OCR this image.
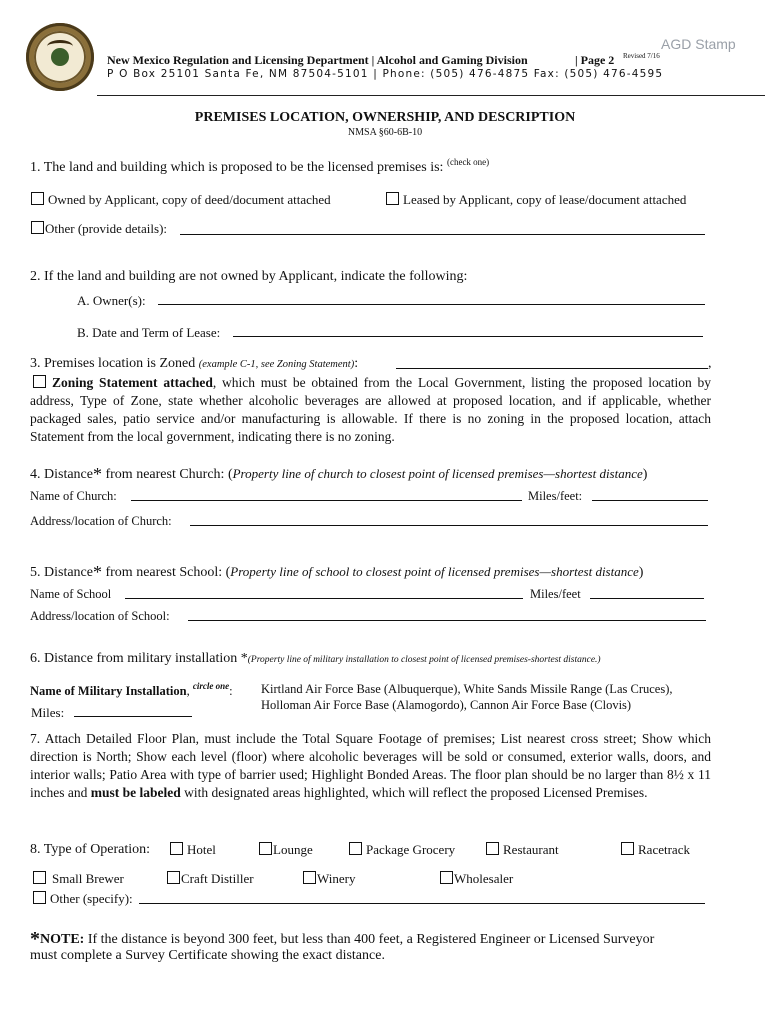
New Mexico Regulation and Licensing Department | Alcohol and Gaming Division	| Page 2 Revised 7/16
P O Box 25101 Santa Fe, NM 87504-5101 | Phone: (505) 476-4875 Fax: (505) 476-4595
AGD Stamp
PREMISES LOCATION, OWNERSHIP, AND DESCRIPTION
NMSA §60-6B-10
1. The land and building which is proposed to be the licensed premises is: $^{(check one)}$
Owned by Applicant, copy of deed/document attached	Leased by Applicant, copy of lease/document attached
Other (provide details):
2. If the land and building are not owned by Applicant, indicate the following:
A. Owner(s):
B. Date and Term of Lease:
3. Premises location is Zoned (example C-1, see Zoning Statement):	,
Zoning Statement attached, which must be obtained from the Local Government, listing the proposed location by address, Type of Zone, state whether alcoholic beverages are allowed at proposed location, and if applicable, whether packaged sales, patio service and/or manufacturing is allowable. If there is no zoning in the proposed location, attach Statement from the local government, indicating there is no zoning.
4. Distance* from nearest Church: (Property line of church to closest point of licensed premises—shortest distance)
Name of Church:	Miles/feet:
Address/location of Church:
5. Distance* from nearest School: (Property line of school to closest point of licensed premises—shortest distance)
Name of School	Miles/feet
Address/location of School:
6. Distance from military installation *(Property line of military installation to closest point of licensed premises-shortest distance.)
Name of Military Installation, $^{circle one}$: Kirtland Air Force Base (Albuquerque), White Sands Missile Range (Las Cruces),
Holloman Air Force Base (Alamogordo), Cannon Air Force Base (Clovis)
Miles:
7. Attach Detailed Floor Plan, must include the Total Square Footage of premises; List nearest cross street; Show which direction is North; Show each level (floor) where alcoholic beverages will be sold or consumed, exterior walls, doors, and interior walls; Patio Area with type of barrier used; Highlight Bonded Areas. The floor plan should be no larger than 8½ x 11 inches and must be labeled with designated areas highlighted, which will reflect the proposed Licensed Premises.
8. Type of Operation:	Hotel	Lounge	Package Grocery	Restaurant	Racetrack
Small Brewer	Craft Distiller	Winery	Wholesaler
Other (specify):
*NOTE: If the distance is beyond 300 feet, but less than 400 feet, a Registered Engineer or Licensed Surveyor
must complete a Survey Certificate showing the exact distance.
